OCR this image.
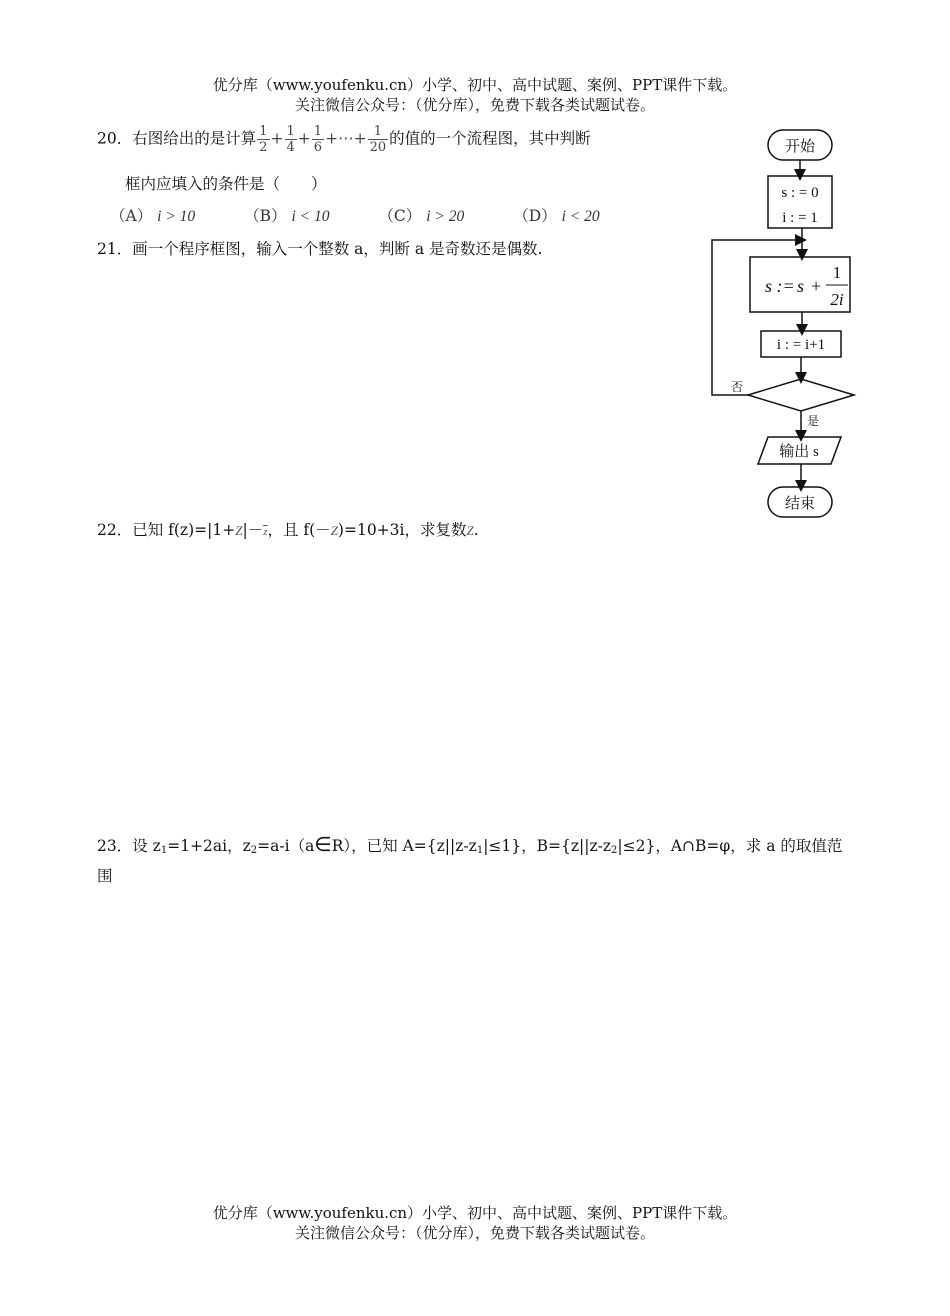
优分库（www.youfenku.cn）小学、初中、高中试题、案例、PPT课件下载。
关注微信公众号：（优分库），免费下载各类试题试卷。
20．右图给出的是计算 $\frac{1}{2} + \frac{1}{4} + \frac{1}{6}$ +⋯+ $\frac{1}{20}$ 的值的一个流程图，其中判断
框内应填入的条件是（　　）
（A） i > 10	（B） i < 10	（C） i > 20	（D） i < 20
21．画一个程序框图，输入一个整数 a，判断 a 是奇数还是偶数.
22．已知 $f(z)=|1+Z|-\overline{z}$，且 f(－Z)=10+3i，求复数Z.
23．设 $z_1=1+2ai$，$z_2=a-i(a\in R)$，已知 $A=\{z||z-z_1|\le 1\}$，$B=\{z||z-z_2|\le 2\}$，A∩B=φ，求 a 的取值范
围
开始
s : = 0
i : = 1
s := s +
1
2i
i : = i+1
否
是
输出 s
结束
优分库（www.youfenku.cn）小学、初中、高中试题、案例、PPT课件下载。
关注微信公众号：（优分库），免费下载各类试题试卷。
